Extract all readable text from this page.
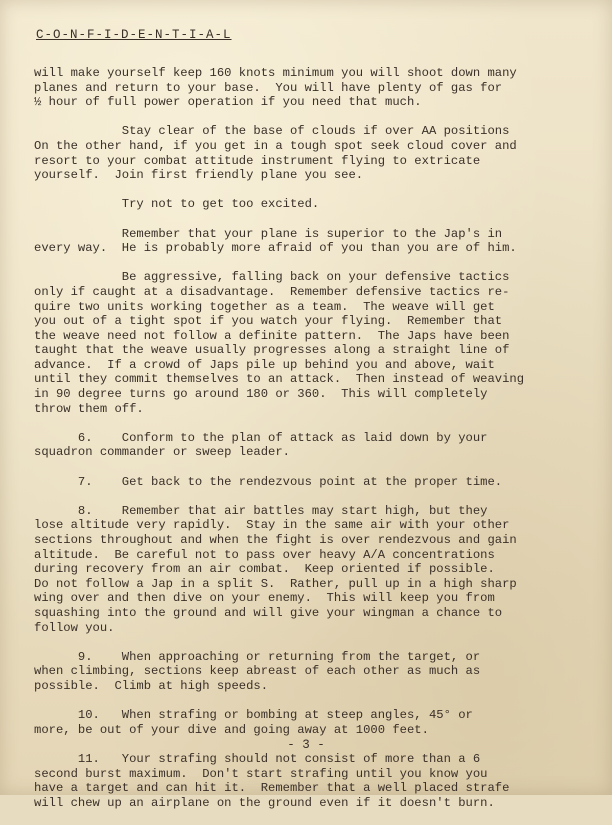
C-O-N-F-I-D-E-N-T-I-A-L

will make yourself keep 160 knots minimum you will shoot down many
planes and return to your base.  You will have plenty of gas for
½ hour of full power operation if you need that much.

Stay clear of the base of clouds if over AA positions
On the other hand, if you get in a tough spot seek cloud cover and
resort to your combat attitude instrument flying to extricate
yourself.  Join first friendly plane you see.

Try not to get too excited.

Remember that your plane is superior to the Jap's in
every way.  He is probably more afraid of you than you are of him.

Be aggressive, falling back on your defensive tactics
only if caught at a disadvantage.  Remember defensive tactics re-
quire two units working together as a team.  The weave will get
you out of a tight spot if you watch your flying.  Remember that
the weave need not follow a definite pattern.  The Japs have been
taught that the weave usually progresses along a straight line of
advance.  If a crowd of Japs pile up behind you and above, wait
until they commit themselves to an attack.  Then instead of weaving
in 90 degree turns go around 180 or 360.  This will completely
throw them off.

6.    Conform to the plan of attack as laid down by your
squadron commander or sweep leader.

7.    Get back to the rendezvous point at the proper time.

8.    Remember that air battles may start high, but they
lose altitude very rapidly.  Stay in the same air with your other
sections throughout and when the fight is over rendezvous and gain
altitude.  Be careful not to pass over heavy A/A concentrations
during recovery from an air combat.  Keep oriented if possible.
Do not follow a Jap in a split S.  Rather, pull up in a high sharp
wing over and then dive on your enemy.  This will keep you from
squashing into the ground and will give your wingman a chance to
follow you.

9.    When approaching or returning from the target, or
when climbing, sections keep abreast of each other as much as
possible.  Climb at high speeds.

10.   When strafing or bombing at steep angles, 45° or
more, be out of your dive and going away at 1000 feet.

11.   Your strafing should not consist of more than a 6
second burst maximum.  Don't start strafing until you know you
have a target and can hit it.  Remember that a well placed strafe
will chew up an airplane on the ground even if it doesn't burn.

- 3 -
